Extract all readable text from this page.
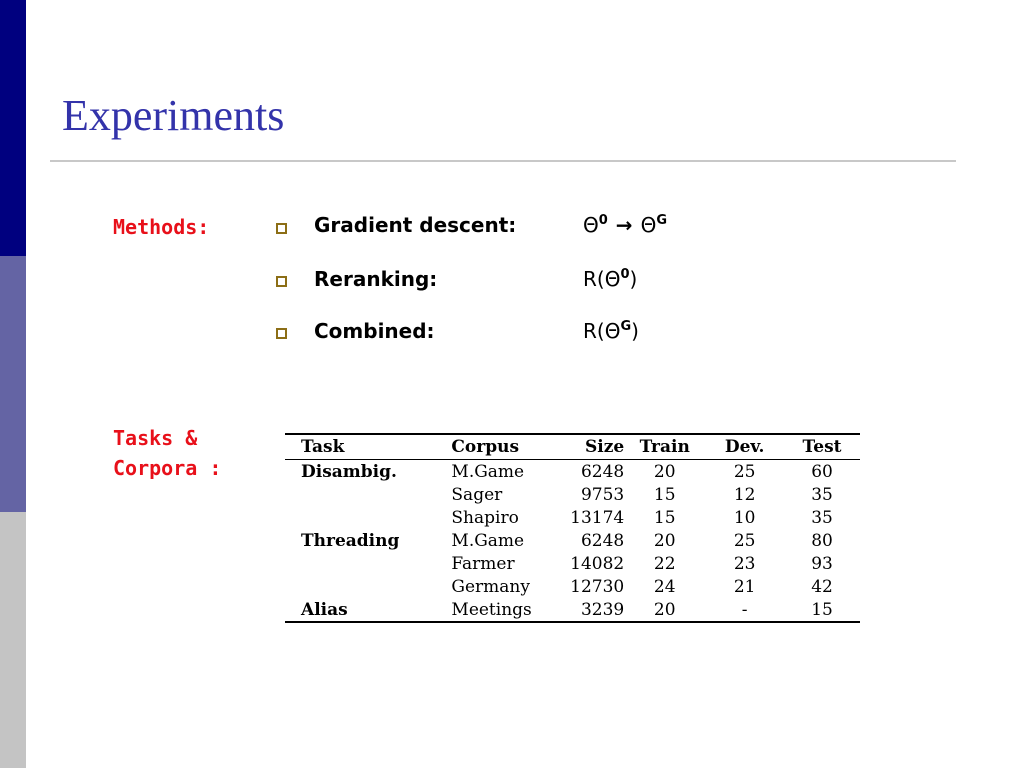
Experiments
Methods:	Gradient descent:	$\Theta^0 \to \Theta^G$
Reranking:	$R(\Theta^0)$
Combined:	$R(\Theta^G)$
Tasks &
Corpora :
Task	Corpus	Size	Train	Dev.	Test
Disambig.	M.Game	6248	20	25	60
	Sager	9753	15	12	35
	Shapiro	13174	15	10	35
Threading	M.Game	6248	20	25	80
	Farmer	14082	22	23	93
	Germany	12730	24	21	42
Alias	Meetings	3239	20	-	15
